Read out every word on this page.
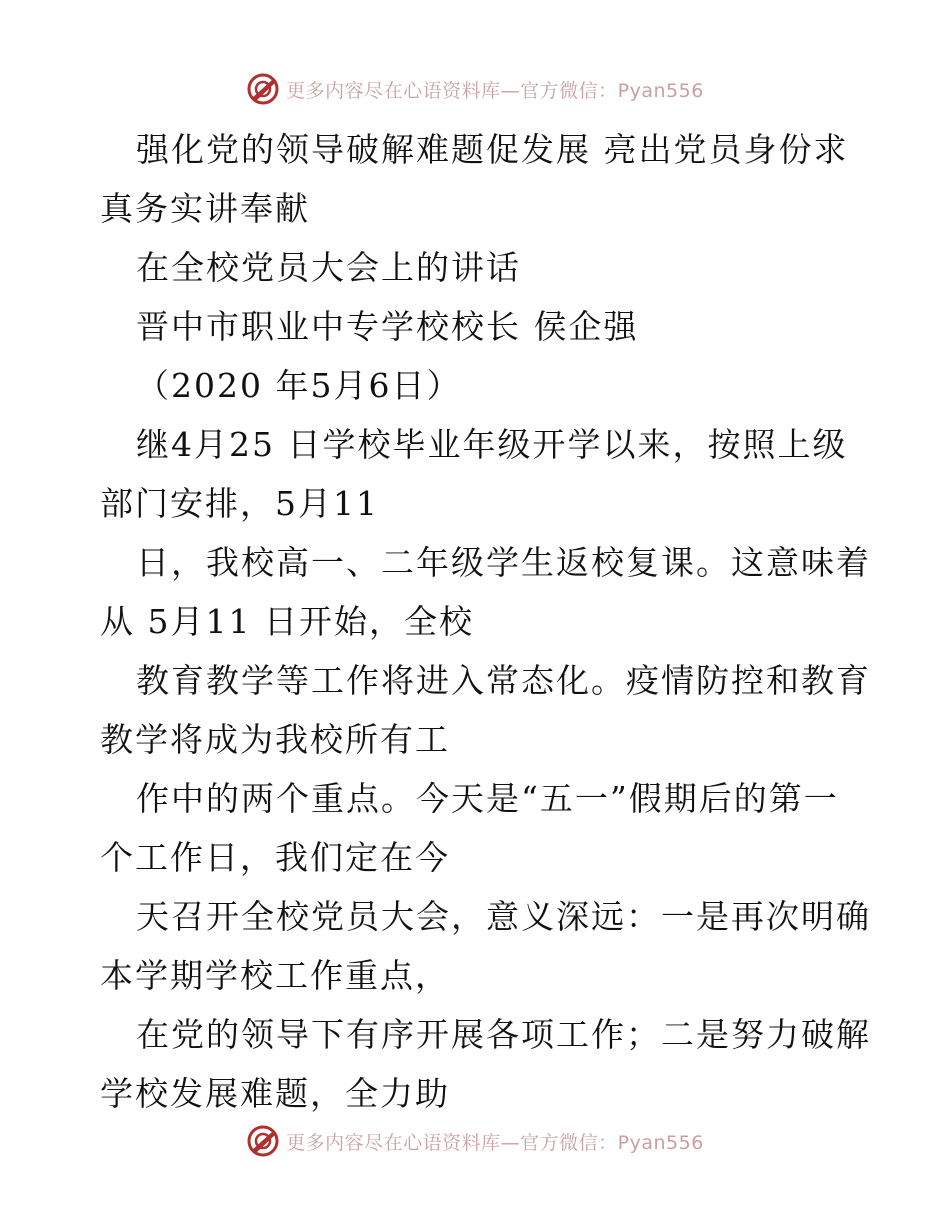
更多内容尽在心语资料库—官方微信：Pyan556
强化党的领导破解难题促发展 亮出党员身份求
真务实讲奉献
在全校党员大会上的讲话
晋中市职业中专学校校长 侯企强
（2020 年5月6日）
继4月25 日学校毕业年级开学以来，按照上级
部门安排，5月11
日，我校高一、二年级学生返校复课。这意味着
从 5月11 日开始，全校
教育教学等工作将进入常态化。疫情防控和教育
教学将成为我校所有工
作中的两个重点。今天是“五一”假期后的第一
个工作日，我们定在今
天召开全校党员大会，意义深远：一是再次明确
本学期学校工作重点，
在党的领导下有序开展各项工作；二是努力破解
学校发展难题，全力助
更多内容尽在心语资料库—官方微信：Pyan556
